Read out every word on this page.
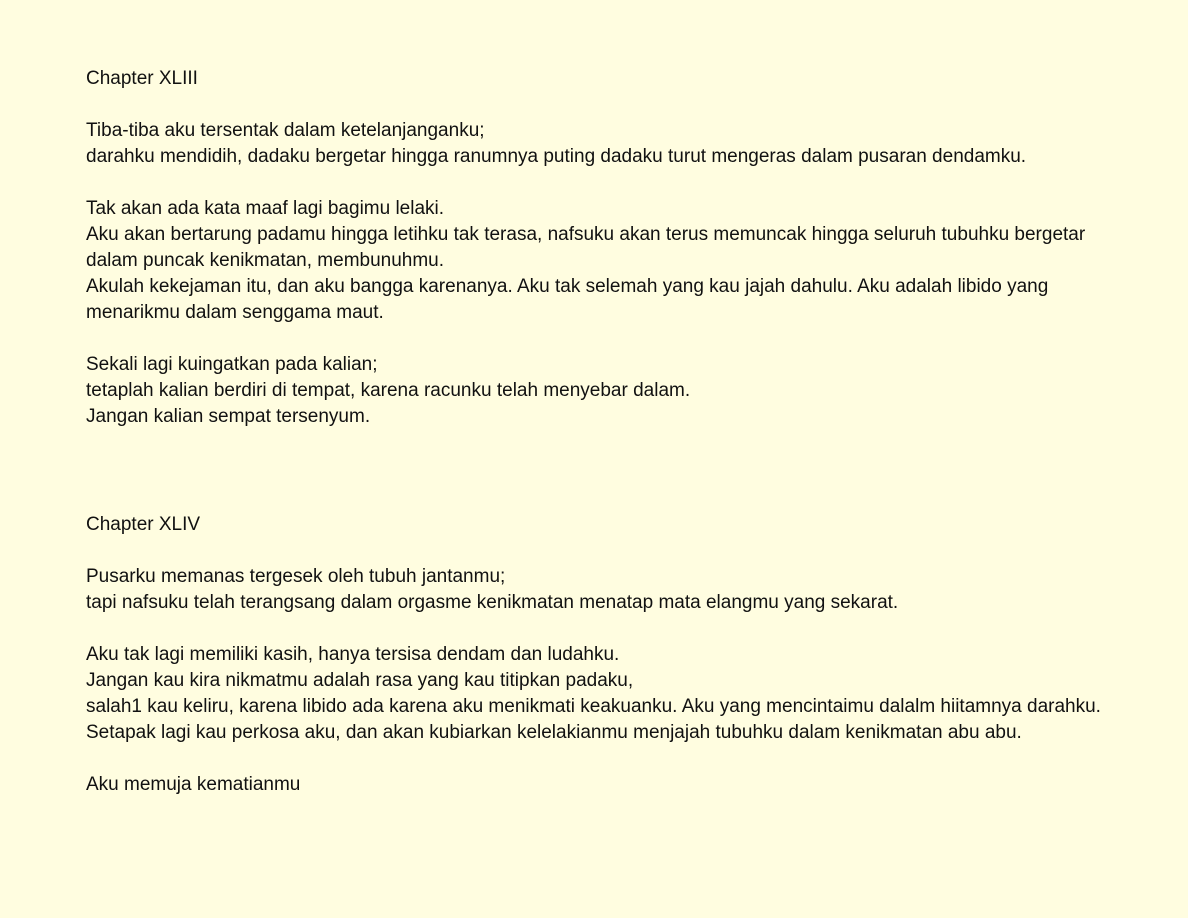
Chapter XLIII

Tiba-tiba aku tersentak dalam ketelanjanganku;
darahku mendidih, dadaku bergetar hingga ranumnya puting dadaku turut mengeras dalam pusaran dendamku.

Tak akan ada kata maaf lagi bagimu lelaki.
Aku akan bertarung padamu hingga letihku tak terasa, nafsuku akan terus memuncak hingga seluruh tubuhku bergetar dalam puncak kenikmatan, membunuhmu.
Akulah kekejaman itu, dan aku bangga karenanya. Aku tak selemah yang kau jajah dahulu. Aku adalah libido yang menarikmu dalam senggama maut.

Sekali lagi kuingatkan pada kalian;
tetaplah kalian berdiri di tempat, karena racunku telah menyebar dalam.
Jangan kalian sempat tersenyum.

Chapter XLIV

Pusarku memanas tergesek oleh tubuh jantanmu;
tapi nafsuku telah terangsang dalam orgasme kenikmatan menatap mata elangmu yang sekarat.

Aku tak lagi memiliki kasih, hanya tersisa dendam dan ludahku.
Jangan kau kira nikmatmu adalah rasa yang kau titipkan padaku,
salah1 kau keliru, karena libido ada karena aku menikmati keakuanku. Aku yang mencintaimu dalalm hiitamnya darahku.
Setapak lagi kau perkosa aku, dan akan kubiarkan kelelakianmu menjajah tubuhku dalam kenikmatan abu abu.

Aku memuja kematianmu
